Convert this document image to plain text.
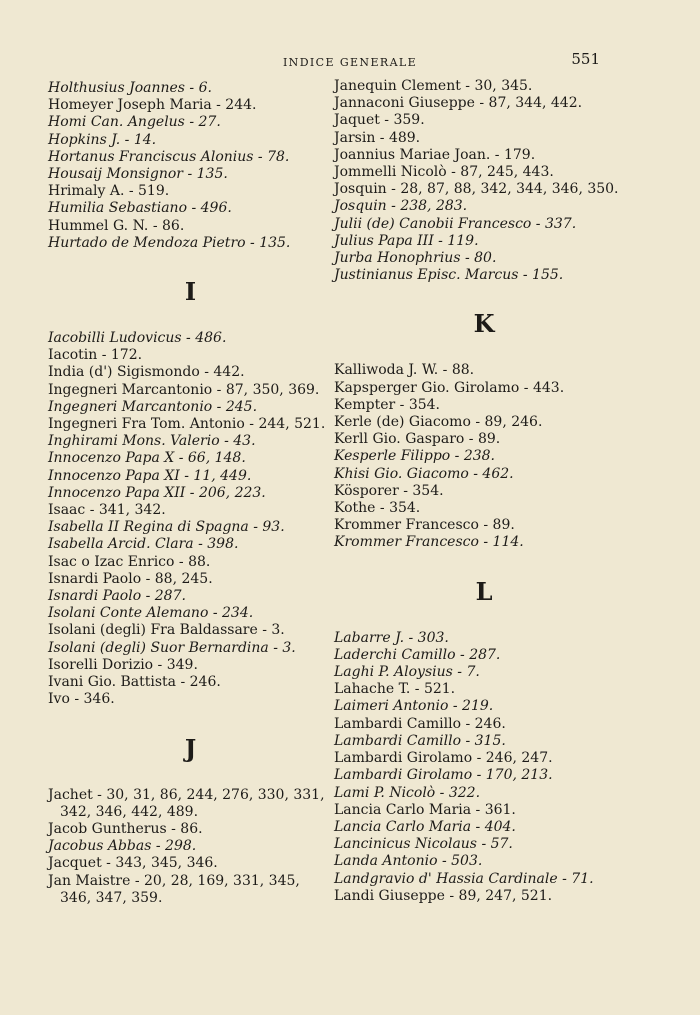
INDICE GENERALE	551

Holthusius Joannes - 6.

Homeyer Joseph Maria - 244.

Homi Can. Angelus - 27.

Hopkins J. - 14.

Hortanus Franciscus Alonius - 78.

Housaij Monsignor - 135.

Hrimaly A. - 519.

Humilia Sebastiano - 496.

Hummel G. N. - 86.

Hurtado de Mendoza Pietro - 135.

I

Iacobilli Ludovicus - 486.

Iacotin - 172.

India (d') Sigismondo - 442.

Ingegneri Marcantonio - 87, 350, 369.

Ingegneri Marcantonio - 245.

Ingegneri Fra Tom. Antonio - 244, 521.

Inghirami Mons. Valerio - 43.

Innocenzo Papa X - 66, 148.

Innocenzo Papa XI - 11, 449.

Innocenzo Papa XII - 206, 223.

Isaac - 341, 342.

Isabella II Regina di Spagna - 93.

Isabella Arcid. Clara - 398.

Isac o Izac Enrico - 88.

Isnardi Paolo - 88, 245.

Isnardi Paolo - 287.

Isolani Conte Alemano - 234.

Isolani (degli) Fra Baldassare - 3.

Isolani (degli) Suor Bernardina - 3.

Isorelli Dorizio - 349.

Ivani Gio. Battista - 246.

Ivo - 346.

J

Jachet - 30, 31, 86, 244, 276, 330, 331, 342, 346, 442, 489.

Jacob Guntherus - 86.

Jacobus Abbas - 298.

Jacquet - 343, 345, 346.

Jan Maistre - 20, 28, 169, 331, 345, 346, 347, 359.

Janequin Clement - 30, 345.

Jannaconi Giuseppe - 87, 344, 442.

Jaquet - 359.

Jarsin - 489.

Joannius Mariae Joan. - 179.

Jommelli Nicolò - 87, 245, 443.

Josquin - 28, 87, 88, 342, 344, 346, 350.

Josquin - 238, 283.

Julii (de) Canobii Francesco - 337.

Julius Papa III - 119.

Jurba Honophrius - 80.

Justinianus Episc. Marcus - 155.

K

Kalliwoda J. W. - 88.

Kapsperger Gio. Girolamo - 443.

Kempter - 354.

Kerle (de) Giacomo - 89, 246.

Kerll Gio. Gasparo - 89.

Kesperle Filippo - 238.

Khisi Gio. Giacomo - 462.

Kösporer - 354.

Kothe - 354.

Krommer Francesco - 89.

Krommer Francesco - 114.

L

Labarre J. - 303.

Laderchi Camillo - 287.

Laghi P. Aloysius - 7.

Lahache T. - 521.

Laimeri Antonio - 219.

Lambardi Camillo - 246.

Lambardi Camillo - 315.

Lambardi Girolamo - 246, 247.

Lambardi Girolamo - 170, 213.

Lami P. Nicolò - 322.

Lancia Carlo Maria - 361.

Lancia Carlo Maria - 404.

Lancinicus Nicolaus - 57.

Landa Antonio - 503.

Landgravio d' Hassia Cardinale - 71.

Landi Giuseppe - 89, 247, 521.
